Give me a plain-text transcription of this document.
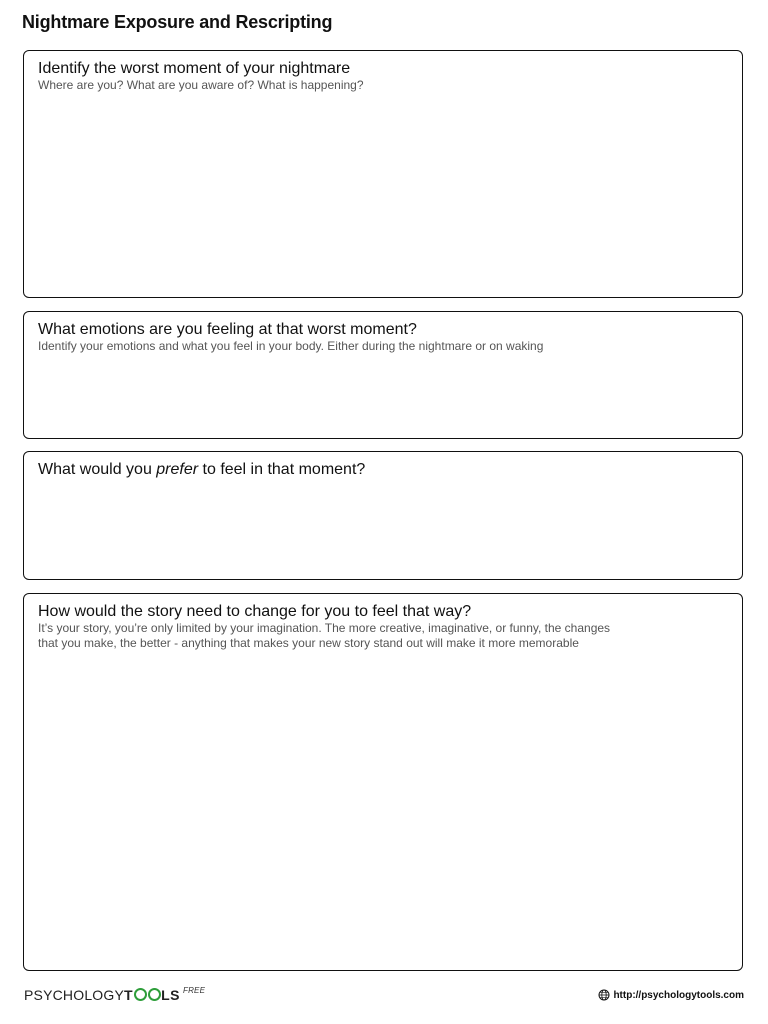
Nightmare Exposure and Rescripting

Identify the worst moment of your nightmare

Where are you? What are you aware of? What is happening?

What emotions are you feeling at that worst moment?

Identify your emotions and what you feel in your body. Either during the nightmare or on waking

What would you prefer to feel in that moment?

How would the story need to change for you to feel that way?

It’s your story, you’re only limited by your imagination. The more creative, imaginative, or funny, the changes

that you make, the better - anything that makes your new story stand out will make it more memorable

PSYCHOLOGY T LS FREE	http://psychologytools.com
